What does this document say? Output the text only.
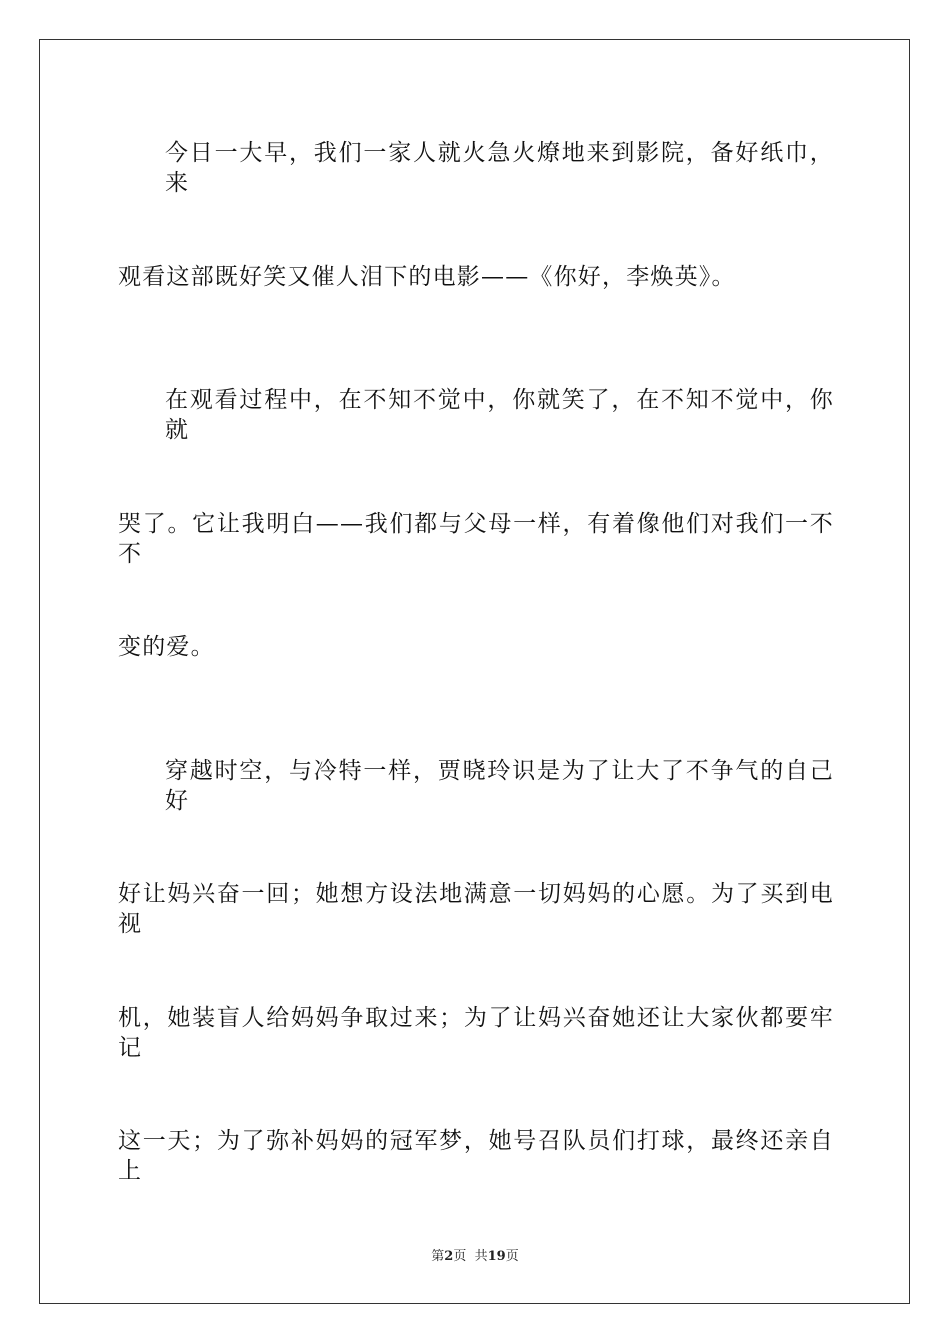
今日一大早，我们一家人就火急火燎地来到影院，备好纸巾，来

观看这部既好笑又催人泪下的电影——《你好，李焕英》。

在观看过程中，在不知不觉中，你就笑了，在不知不觉中，你就

哭了。它让我明白——我们都与父母一样，有着像他们对我们一不不

变的爱。

穿越时空，与冷特一样，贾晓玲识是为了让大了不争气的自己好

好让妈兴奋一回；她想方设法地满意一切妈妈的心愿。为了买到电视

机，她装盲人给妈妈争取过来；为了让妈兴奋她还让大家伙都要牢记

这一天；为了弥补妈妈的冠军梦，她号召队员们打球，最终还亲自上

第2页  共19页
